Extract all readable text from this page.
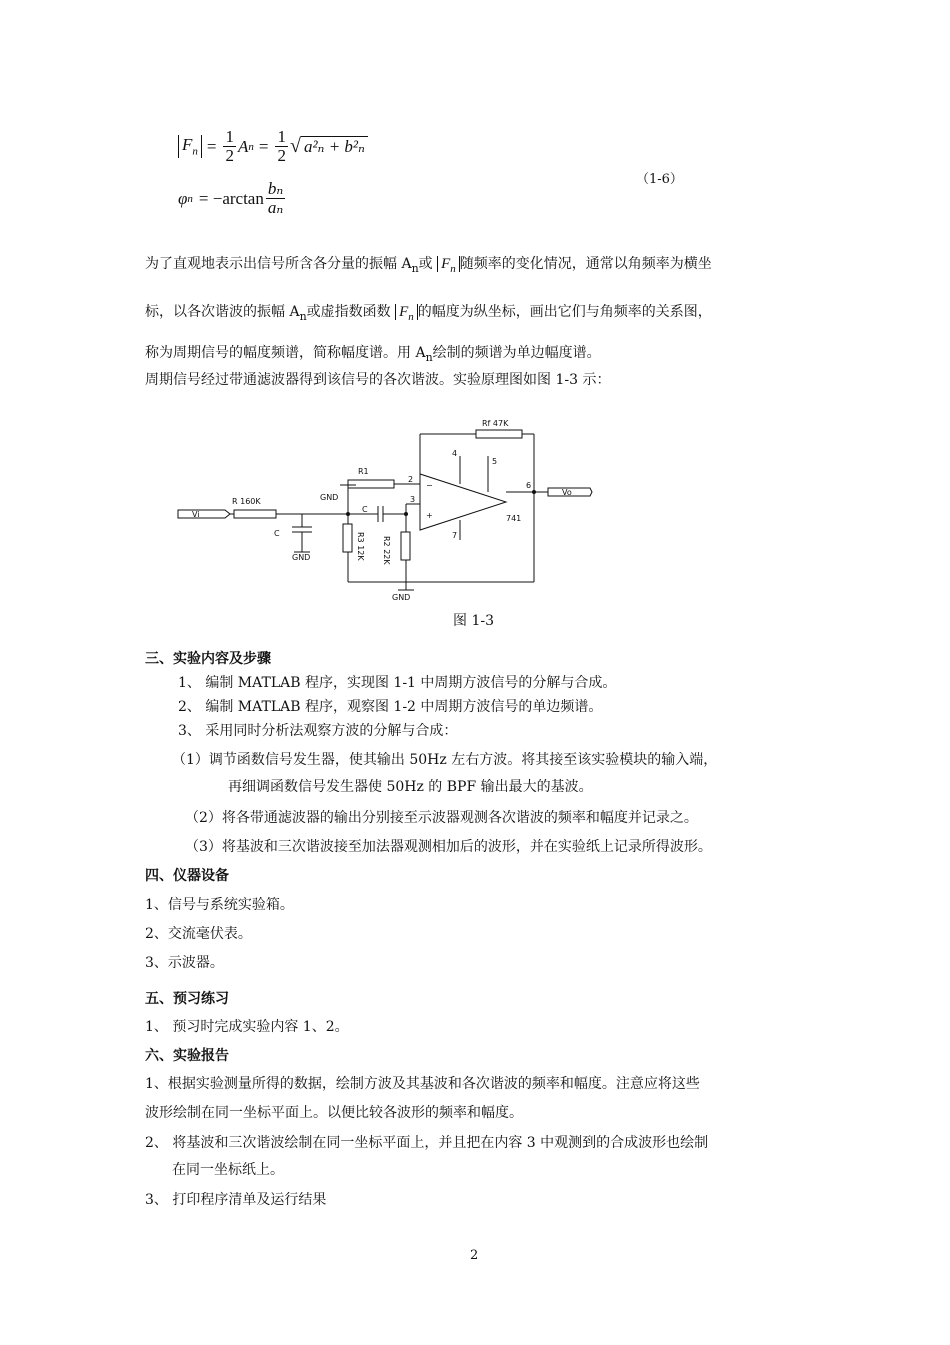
$F_n = \frac{1}{2}$ A $n = \frac{1}{2}$ √ a²ₙ + b²ₙ
φ $n = -\arctan \frac{\text{bₙ}}{\text{aₙ}}$
（1-6）
为了直观地表示出信号所含各分量的振幅 $A_n$或 $F_n$ 随频率的变化情况，通常以角频率为横坐
标，以各次谐波的振幅 $A_n$或虚指数函数 $F_n$ 的幅度为纵坐标，画出它们与角频率的关系图，
称为周期信号的幅度频谱，简称幅度谱。用 $A_n$绘制的频谱为单边幅度谱。
周期信号经过带通滤波器得到该信号的各次谐波。实验原理图如图 1-3 示：
Vi
R 160K
C
GND
GND
R1
R3 12K
C
GND
R2 22K
−
+
2
3
741
4
5
7
Rf 47K
6
Vo
图 1-3
三、实验内容及步骤
1、 编制 MATLAB 程序，实现图 1-1 中周期方波信号的分解与合成。
2、 编制 MATLAB 程序，观察图 1-2 中周期方波信号的单边频谱。
3、 采用同时分析法观察方波的分解与合成：
（1）调节函数信号发生器，使其输出 50Hz 左右方波。将其接至该实验模块的输入端，
再细调函数信号发生器使 50Hz 的 BPF 输出最大的基波。
（2）将各带通滤波器的输出分别接至示波器观测各次谐波的频率和幅度并记录之。
（3）将基波和三次谐波接至加法器观测相加后的波形，并在实验纸上记录所得波形。
四、仪器设备
1、信号与系统实验箱。
2、交流毫伏表。
3、示波器。
五、预习练习
1、 预习时完成实验内容 1、2。
六、实验报告
1、根据实验测量所得的数据，绘制方波及其基波和各次谐波的频率和幅度。注意应将这些
波形绘制在同一坐标平面上。以便比较各波形的频率和幅度。
2、 将基波和三次谐波绘制在同一坐标平面上，并且把在内容 3 中观测到的合成波形也绘制
在同一坐标纸上。
3、 打印程序清单及运行结果
2
